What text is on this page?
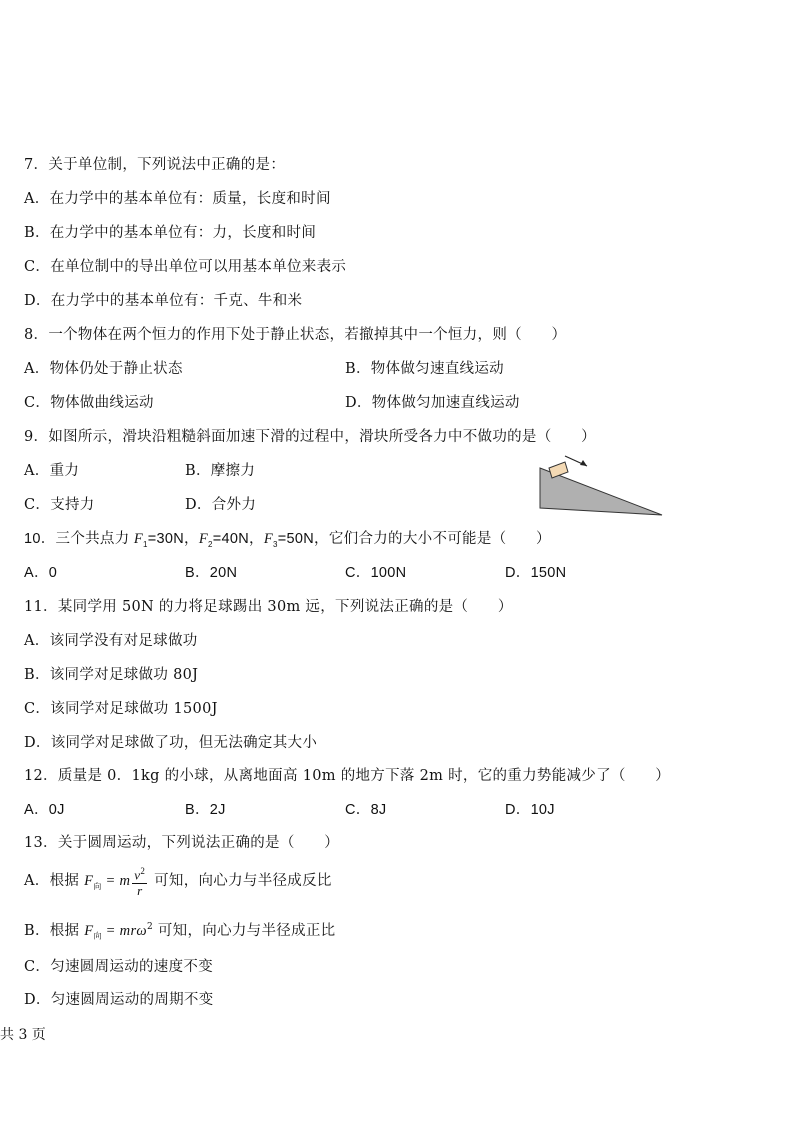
7．关于单位制，下列说法中正确的是：
A．在力学中的基本单位有：质量，长度和时间
B．在力学中的基本单位有：力，长度和时间
C．在单位制中的导出单位可以用基本单位来表示
D．在力学中的基本单位有：千克、牛和米
8．一个物体在两个恒力的作用下处于静止状态，若撤掉其中一个恒力，则（　　）
A．物体仍处于静止状态	B．物体做匀速直线运动
C．物体做曲线运动	D．物体做匀加速直线运动
9．如图所示，滑块沿粗糙斜面加速下滑的过程中，滑块所受各力中不做功的是（　　）
A．重力	B．摩擦力
C．支持力	D．合外力
10．三个共点力 $F_1=30N$，$F_2=40N$，$F_3=50N$，它们合力的大小不可能是（　　）
A．0	B．20N	C．100N	D．150N
11．某同学用 50N 的力将足球踢出 30m 远，下列说法正确的是（　　）
A．该同学没有对足球做功
B．该同学对足球做功 80J
C．该同学对足球做功 1500J
D．该同学对足球做了功，但无法确定其大小
12．质量是 0．1kg 的小球，从离地面高 10m 的地方下落 2m 时，它的重力势能减少了（　　）
A．0J	B．2J	C．8J	D．10J
13．关于圆周运动，下列说法正确的是（　　）
A．根据 $F_向 = m \frac{v^2}{r}$ 可知，向心力与半径成反比
B．根据 $F_向 = mr\omega^2$ 可知，向心力与半径成正比
C．匀速圆周运动的速度不变
D．匀速圆周运动的周期不变
共 3 页
